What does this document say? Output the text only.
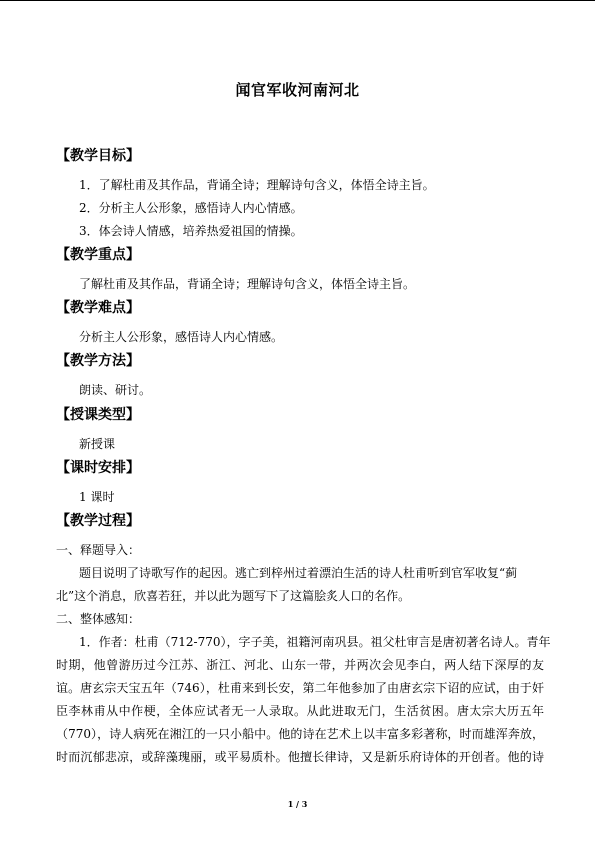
闻官军收河南河北
【教学目标】
1．了解杜甫及其作品，背诵全诗；理解诗句含义，体悟全诗主旨。
2．分析主人公形象，感悟诗人内心情感。
3．体会诗人情感，培养热爱祖国的情操。
【教学重点】
了解杜甫及其作品，背诵全诗；理解诗句含义，体悟全诗主旨。
【教学难点】
分析主人公形象，感悟诗人内心情感。
【教学方法】
朗读、研讨。
【授课类型】
新授课
【课时安排】
1 课时
【教学过程】
一、释题导入：
题目说明了诗歌写作的起因。逃亡到梓州过着漂泊生活的诗人杜甫听到官军收复“蓟
北”这个消息，欣喜若狂，并以此为题写下了这篇脍炙人口的名作。
二、整体感知：
1．作者：杜甫（712-770），字子美，祖籍河南巩县。祖父杜审言是唐初著名诗人。青年
时期，他曾游历过今江苏、浙江、河北、山东一带，并两次会见李白，两人结下深厚的友
谊。唐玄宗天宝五年（746），杜甫来到长安，第二年他参加了由唐玄宗下诏的应试，由于奸
臣李林甫从中作梗，全体应试者无一人录取。从此进取无门，生活贫困。唐太宗大历五年
（770），诗人病死在湘江的一只小船中。他的诗在艺术上以丰富多彩著称，时而雄浑奔放，
时而沉郁悲凉，或辞藻瑰丽，或平易质朴。他擅长律诗，又是新乐府诗体的开创者。他的诗
1 / 3
